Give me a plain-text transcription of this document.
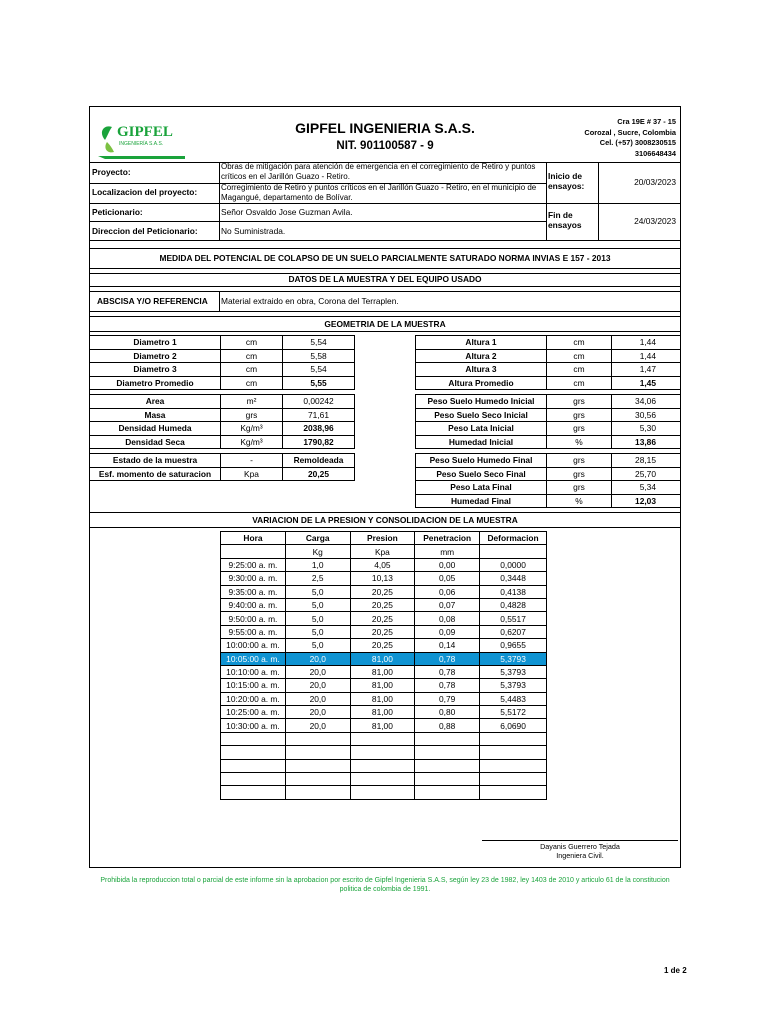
GIPFEL
INGENIERÍA S.A.S.
GIPFEL INGENIERIA S.A.S.
NIT. 901100587 - 9
Cra 19E # 37 - 15
Corozal , Sucre, Colombia
Cel. (+57) 3008230515
3106648434
Proyecto:
Obras de mitigación para atención de emergencia en el corregimiento de Retiro y puntos críticos en el Jarillón Guazo - Retiro.
Localizacion del proyecto:	Corregimiento de Retiro y puntos críticos en el Jarillón Guazo - Retiro, en el municipio de Magangué, departamento de Bolívar.
Peticionario:	Señor Osvaldo Jose Guzman Avila.
Direccion del Peticionario:	No Suministrada.
Inicio de ensayos:	20/03/2023
Fin de ensayos	24/03/2023
MEDIDA DEL POTENCIAL DE COLAPSO DE UN SUELO PARCIALMENTE SATURADO NORMA INVIAS E 157 - 2013
DATOS DE LA MUESTRA Y DEL EQUIPO USADO
ABSCISA Y/O REFERENCIA Material extraido en obra, Corona del Terraplen.
GEOMETRIA DE LA MUESTRA
Diametro 1	cm	5,54
Diametro 2	cm	5,58
Diametro 3	cm	5,54
Diametro Promedio	cm	5,55
Altura 1	cm	1,44
Altura 2	cm	1,44
Altura 3	cm	1,47
Altura Promedio	cm	1,45
Area	m²	0,00242
Masa	grs	71,61
Densidad Humeda	Kg/m³	2038,96
Densidad Seca	Kg/m³	1790,82
Peso Suelo Humedo Inicial	grs	34,06
Peso Suelo Seco Inicial	grs	30,56
Peso Lata Inicial	grs	5,30
Humedad Inicial	%	13,86
Estado de la muestra	-	Remoldeada
Esf. momento de saturacion	Kpa	20,25
Peso Suelo Humedo Final	grs	28,15
Peso Suelo Seco Final	grs	25,70
Peso Lata Final	grs	5,34
Humedad Final	%	12,03
VARIACION DE LA PRESION Y CONSOLIDACION DE LA MUESTRA
Hora	Carga	Presion	Penetracion	Deformacion
	Kg	Kpa	mm	
9:25:00 a. m.	1,0	4,05	0,00	0,0000
9:30:00 a. m.	2,5	10,13	0,05	0,3448
9:35:00 a. m.	5,0	20,25	0,06	0,4138
9:40:00 a. m.	5,0	20,25	0,07	0,4828
9:50:00 a. m.	5,0	20,25	0,08	0,5517
9:55:00 a. m.	5,0	20,25	0,09	0,6207
10:00:00 a. m.	5,0	20,25	0,14	0,9655
10:05:00 a. m.	20,0	81,00	0,78	5,3793
10:10:00 a. m.	20,0	81,00	0,78	5,3793
10:15:00 a. m.	20,0	81,00	0,78	5,3793
10:20:00 a. m.	20,0	81,00	0,79	5,4483
10:25:00 a. m.	20,0	81,00	0,80	5,5172
10:30:00 a. m.	20,0	81,00	0,88	6,0690

Dayanis Guerrero Tejada
Ingeniera Civil.
Prohibida la reproduccion total o parcial de este informe sin la aprobacion por escrito de Gipfel Ingenieria S.A.S, según ley 23 de 1982, ley 1403 de 2010 y articulo 61 de la constitucion politica de colombia de 1991.
1 de 2
